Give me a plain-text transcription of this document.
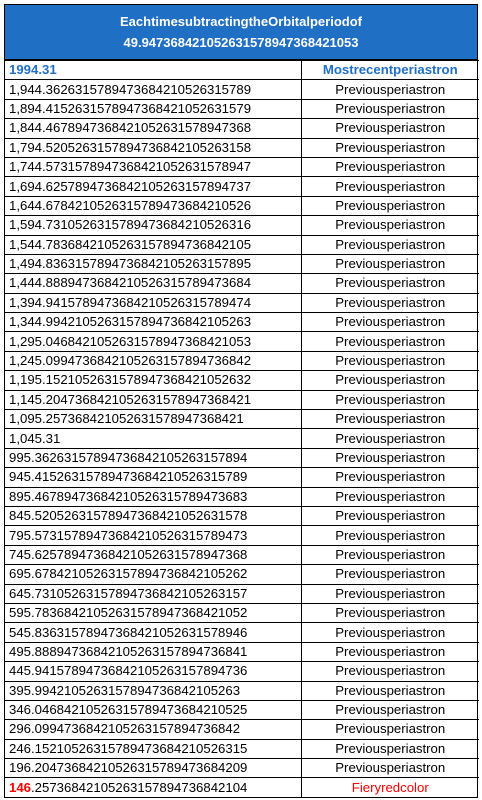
EachtimesubtractingtheOrbitalperiodof
49.947368421052631578947368421053
1994.31	Mostrecentperiastron
1,944.3626315789473684210526315789	Previousperiastron
1,894.4152631578947368421052631579	Previousperiastron
1,844.4678947368421052631578947368	Previousperiastron
1,794.5205263157894736842105263158	Previousperiastron
1,744.5731578947368421052631578947	Previousperiastron
1,694.6257894736842105263157894737	Previousperiastron
1,644.6784210526315789473684210526	Previousperiastron
1,594.7310526315789473684210526316	Previousperiastron
1,544.7836842105263157894736842105	Previousperiastron
1,494.8363157894736842105263157895	Previousperiastron
1,444.8889473684210526315789473684	Previousperiastron
1,394.9415789473684210526315789474	Previousperiastron
1,344.9942105263157894736842105263	Previousperiastron
1,295.0468421052631578947368421053	Previousperiastron
1,245.0994736842105263157894736842	Previousperiastron
1,195.1521052631578947368421052632	Previousperiastron
1,145.2047368421052631578947368421	Previousperiastron
1,095.257368421052631578947368421	Previousperiastron
1,045.31	Previousperiastron
995.36263157894736842105263157894	Previousperiastron
945.41526315789473684210526315789	Previousperiastron
895.46789473684210526315789473683	Previousperiastron
845.52052631578947368421052631578	Previousperiastron
795.57315789473684210526315789473	Previousperiastron
745.62578947368421052631578947368	Previousperiastron
695.67842105263157894736842105262	Previousperiastron
645.73105263157894736842105263157	Previousperiastron
595.78368421052631578947368421052	Previousperiastron
545.83631578947368421052631578946	Previousperiastron
495.88894736842105263157894736841	Previousperiastron
445.94157894736842105263157894736	Previousperiastron
395.9942105263157894736842105263	Previousperiastron
346.04684210526315789473684210525	Previousperiastron
296.0994736842105263157894736842	Previousperiastron
246.15210526315789473684210526315	Previousperiastron
196.20473684210526315789473684209	Previousperiastron
146.25736842105263157894736842104	Fieryredcolor
